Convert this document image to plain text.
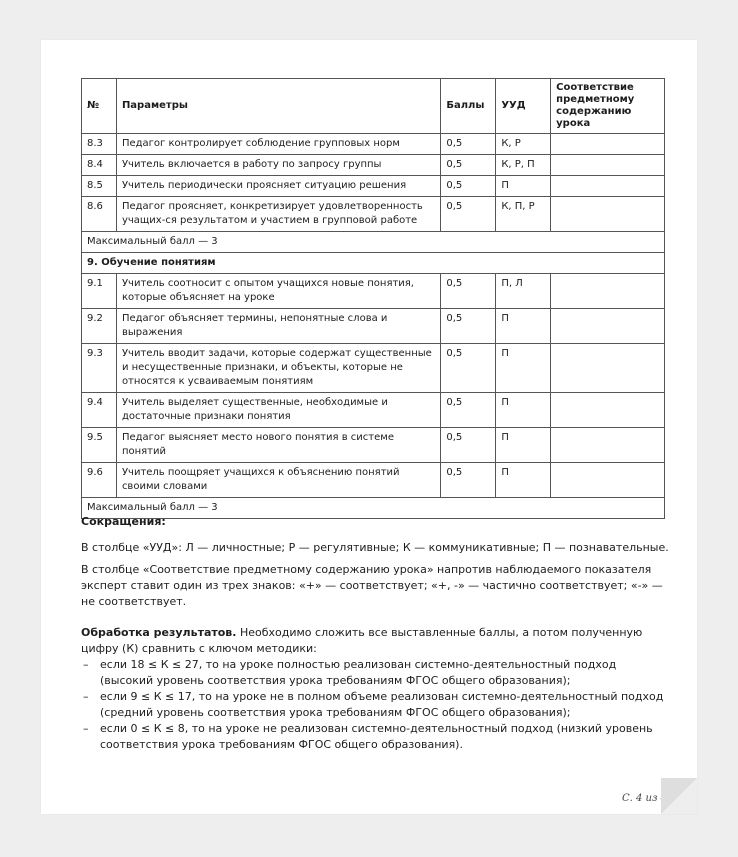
№	Параметры	Баллы	УУД	Соответствие предметному содержанию урока
8.3	Педагог контролирует соблюдение групповых норм	0,5	К, Р	
8.4	Учитель включается в работу по запросу группы	0,5	К, Р, П	
8.5	Учитель периодически проясняет ситуацию решения	0,5	П	
8.6	Педагог проясняет, конкретизирует удовлетворенность учащих-ся результатом и участием в групповой работе	0,5	К, П, Р	
Максимальный балл — 3				
9. Обучение понятиям				
9.1	Учитель соотносит с опытом учащихся новые понятия, которые объясняет на уроке	0,5	П, Л	
9.2	Педагог объясняет термины, непонятные слова и выражения	0,5	П	
9.3	Учитель вводит задачи, которые содержат существенные и несущественные признаки, и объекты, которые не относятся к усваиваемым понятиям	0,5	П	
9.4	Учитель выделяет существенные, необходимые и достаточные признаки понятия	0,5	П	
9.5	Педагог выясняет место нового понятия в системе понятий	0,5	П	
9.6	Учитель поощряет учащихся к объяснению понятий своими словами	0,5	П	
Максимальный балл — 3				
Сокращения:
В столбце «УУД»: Л — личностные; Р — регулятивные; К — коммуникативные; П — познавательные.
В столбце «Соответствие предметному содержанию урока» напротив наблюдаемого показателя эксперт ставит один из трех знаков: «+» — соответствует; «+, -» — частично соответствует; «-» — не соответствует.
Обработка результатов. Необходимо сложить все выставленные баллы, а потом полученную цифру (К) сравнить с ключом методики:
– если 18 ≤ К ≤ 27, то на уроке полностью реализован системно-деятельностный подход (высокий уровень соответствия урока требованиям ФГОС общего образования);
– если 9 ≤ К ≤ 17, то на уроке не в полном объеме реализован системно-деятельностный подход (средний уровень соответствия урока требованиям ФГОС общего образования);
– если 0 ≤ К ≤ 8, то на уроке не реализован системно-деятельностный подход (низкий уровень соответствия урока требованиям ФГОС общего образования).
С. 4 из 4
